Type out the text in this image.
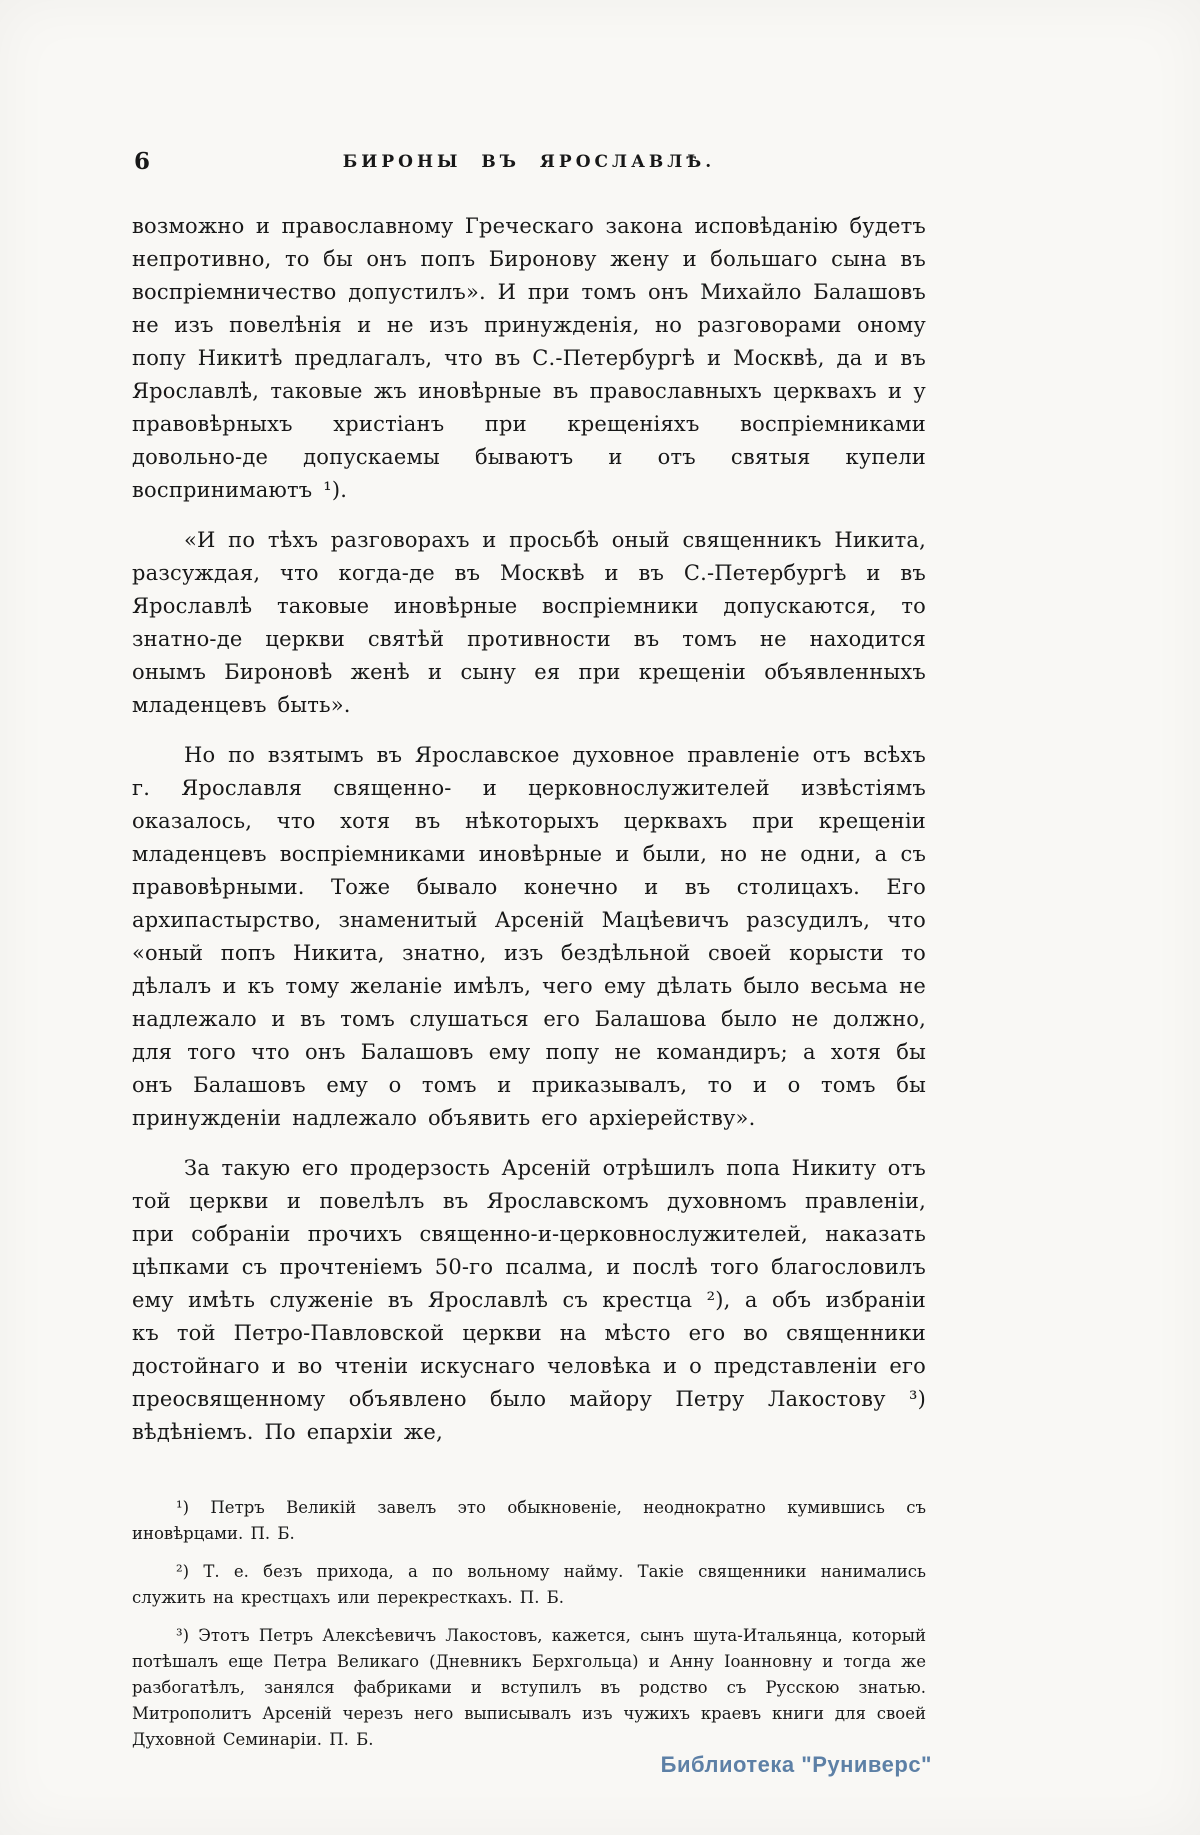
6	БИРОНЫ ВЪ ЯРОСЛАВЛѢ.

возможно и православному Греческаго закона исповѣданію будетъ непротивно, то бы онъ попъ Биронову жену и большаго сына въ воспріемничество допустилъ». И при томъ онъ Михайло Балашовъ не изъ повелѣнія и не изъ принужденія, но разговорами оному попу Никитѣ предлагалъ, что въ С.-Петербургѣ и Москвѣ, да и въ Ярославлѣ, таковые жъ иновѣрные въ православныхъ церквахъ и у правовѣрныхъ христіанъ при крещеніяхъ воспріемниками довольно-де допускаемы бываютъ и отъ святыя купели воспринимаютъ ¹).

«И по тѣхъ разговорахъ и просьбѣ оный священникъ Никита, разсуждая, что когда-де въ Москвѣ и въ С.-Петербургѣ и въ Ярославлѣ таковые иновѣрные воспріемники допускаются, то знатно-де церкви святѣй противности въ томъ не находится онымъ Бироновѣ женѣ и сыну ея при крещеніи объявленныхъ младенцевъ быть».

Но по взятымъ въ Ярославское духовное правленіе отъ всѣхъ г. Ярославля священно- и церковнослужителей извѣстіямъ оказалось, что хотя въ нѣкоторыхъ церквахъ при крещеніи младенцевъ воспріемниками иновѣрные и были, но не одни, а съ правовѣрными. Тоже бывало конечно и въ столицахъ. Его архипастырство, знаменитый Арсеній Мацѣевичъ разсудилъ, что «оный попъ Никита, знатно, изъ бездѣльной своей корысти то дѣлалъ и къ тому желаніе имѣлъ, чего ему дѣлать было весьма не надлежало и въ томъ слушаться его Балашова было не должно, для того что онъ Балашовъ ему попу не командиръ; а хотя бы онъ Балашовъ ему о томъ и приказывалъ, то и о томъ бы принужденіи надлежало объявить его архіерейству».

За такую его продерзость Арсеній отрѣшилъ попа Никиту отъ той церкви и повелѣлъ въ Ярославскомъ духовномъ правленіи, при собраніи прочихъ священно-и-церковнослужителей, наказать цѣпками съ прочтеніемъ 50-го псалма, и послѣ того благословилъ ему имѣть служеніе въ Ярославлѣ съ крестца ²), а объ избраніи къ той Петро-Павловской церкви на мѣсто его во священники достойнаго и во чтеніи искуснаго человѣка и о представленіи его преосвященному объявлено было майору Петру Лакостову ³) вѣдѣніемъ. По епархіи же,

¹) Петръ Великій завелъ это обыкновеніе, неоднократно кумившись съ иновѣрцами. П. Б.

²) Т. е. безъ прихода, а по вольному найму. Такіе священники нанимались служить на крестцахъ или перекресткахъ. П. Б.

³) Этотъ Петръ Алексѣевичъ Лакостовъ, кажется, сынъ шута-Итальянца, который потѣшалъ еще Петра Великаго (Дневникъ Берхгольца) и Анну Іоанновну и тогда же разбогатѣлъ, занялся фабриками и вступилъ въ родство съ Русскою знатью. Митрополитъ Арсеній черезъ него выписывалъ изъ чужихъ краевъ книги для своей Духовной Семинаріи. П. Б.

Библиотека "Руниверс"
